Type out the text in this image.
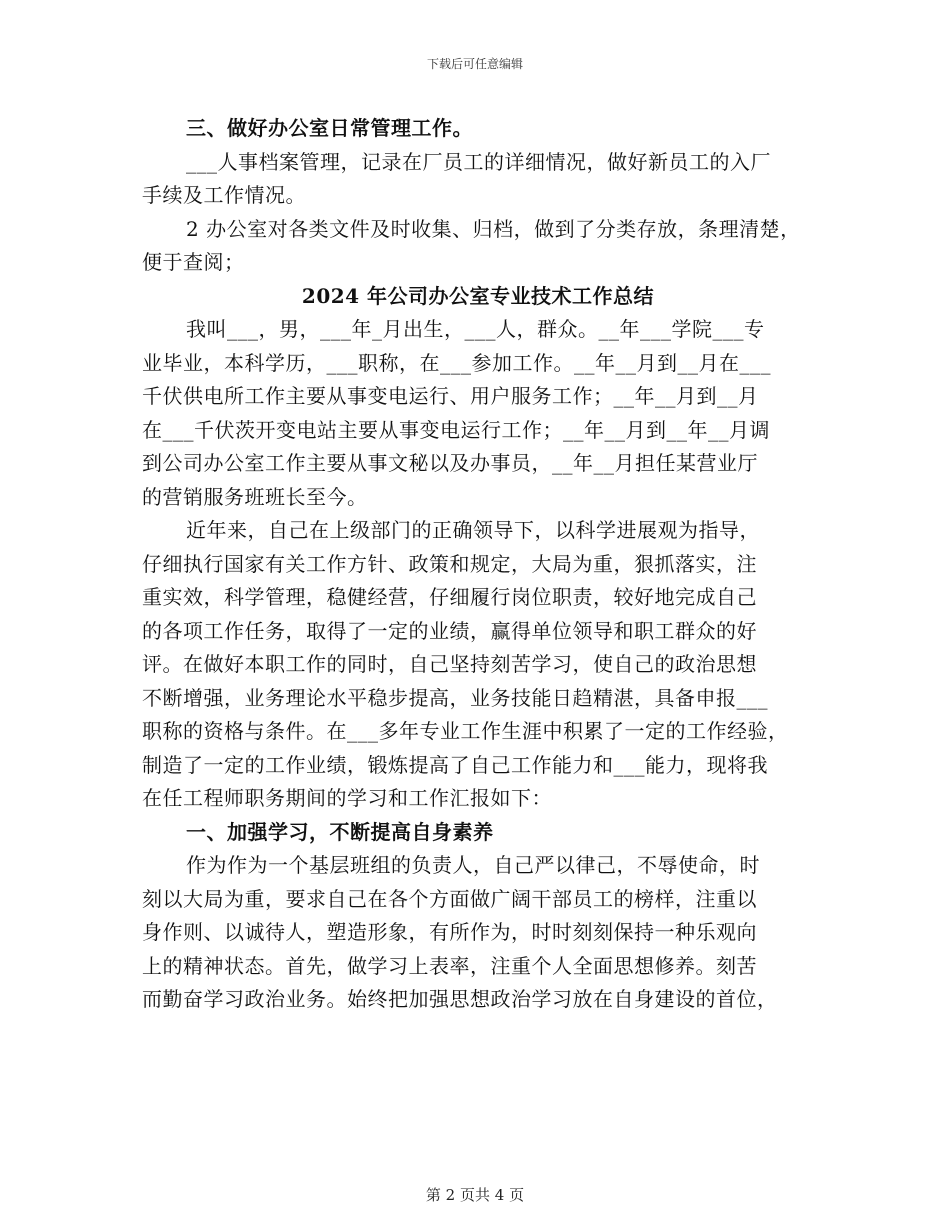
下载后可任意编辑
三、做好办公室日常管理工作。
___人事档案管理，记录在厂员工的详细情况，做好新员工的入厂
手续及工作情况。
2 办公室对各类文件及时收集、归档，做到了分类存放，条理清楚，
便于查阅；
2024 年公司办公室专业技术工作总结
我叫___，男，___年_月出生，___人，群众。__年___学院___专
业毕业，本科学历，___职称，在___参加工作。__年__月到__月在___
千伏供电所工作主要从事变电运行、用户服务工作；__年__月到__月
在___千伏茨开变电站主要从事变电运行工作；__年__月到__年__月调
到公司办公室工作主要从事文秘以及办事员，__年__月担任某营业厅
的营销服务班班长至今。
近年来，自己在上级部门的正确领导下，以科学进展观为指导，
仔细执行国家有关工作方针、政策和规定，大局为重，狠抓落实，注
重实效，科学管理，稳健经营，仔细履行岗位职责，较好地完成自己
的各项工作任务，取得了一定的业绩，赢得单位领导和职工群众的好
评。在做好本职工作的同时，自己坚持刻苦学习，使自己的政治思想
不断增强，业务理论水平稳步提高，业务技能日趋精湛，具备申报___
职称的资格与条件。在___多年专业工作生涯中积累了一定的工作经验，
制造了一定的工作业绩，锻炼提高了自己工作能力和___能力，现将我
在任工程师职务期间的学习和工作汇报如下：
一、加强学习，不断提高自身素养
作为作为一个基层班组的负责人，自己严以律己，不辱使命，时
刻以大局为重，要求自己在各个方面做广阔干部员工的榜样，注重以
身作则、以诚待人，塑造形象，有所作为，时时刻刻保持一种乐观向
上的精神状态。首先，做学习上表率，注重个人全面思想修养。刻苦
而勤奋学习政治业务。始终把加强思想政治学习放在自身建设的首位，
第 2 页共 4 页
